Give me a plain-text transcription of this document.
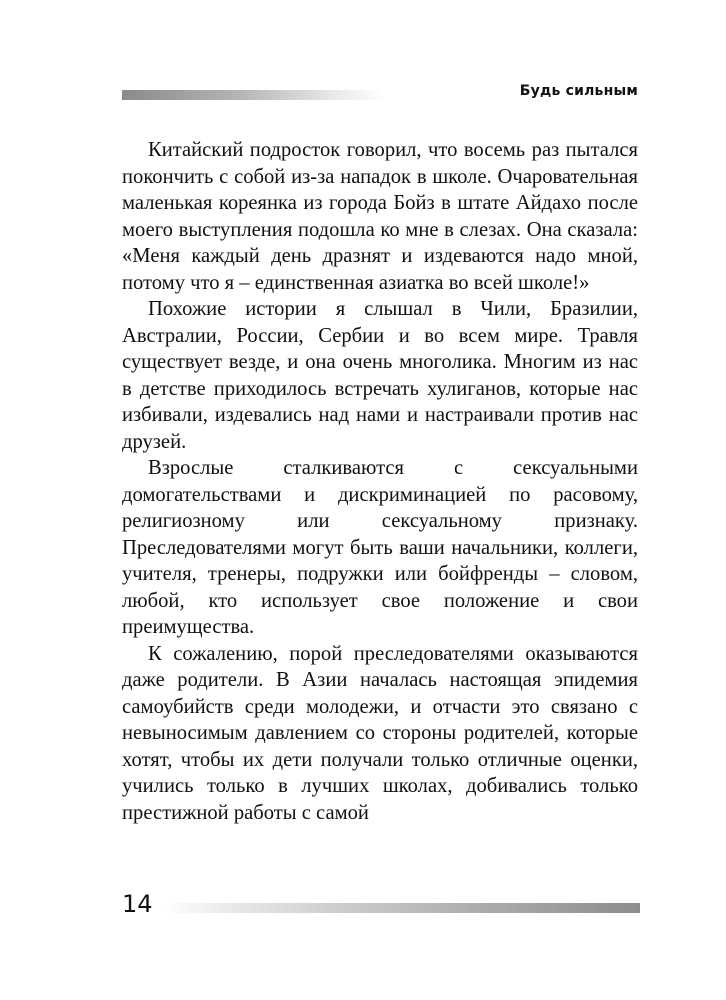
Будь сильным

Китайский подросток говорил, что восемь раз пытался покончить с собой из-за нападок в школе. Очаровательная маленькая кореянка из города Бойз в штате Айдахо после моего выступления подошла ко мне в слезах. Она сказала: «Меня каждый день дразнят и издеваются надо мной, потому что я – единственная азиатка во всей школе!»

Похожие истории я слышал в Чили, Бразилии, Австралии, России, Сербии и во всем мире. Травля существует везде, и она очень многолика. Многим из нас в детстве приходилось встречать хулиганов, которые нас избивали, издевались над нами и настраивали против нас друзей.

Взрослые сталкиваются с сексуальными домогательствами и дискриминацией по расовому, религиозному или сексуальному признаку. Преследователями могут быть ваши начальники, коллеги, учителя, тренеры, подружки или бойфренды – словом, любой, кто использует свое положение и свои преимущества.

К сожалению, порой преследователями оказываются даже родители. В Азии началась настоящая эпидемия самоубийств среди молодежи, и отчасти это связано с невыносимым давлением со стороны родителей, которые хотят, чтобы их дети получали только отличные оценки, учились только в лучших школах, добивались только престижной работы с самой

14
